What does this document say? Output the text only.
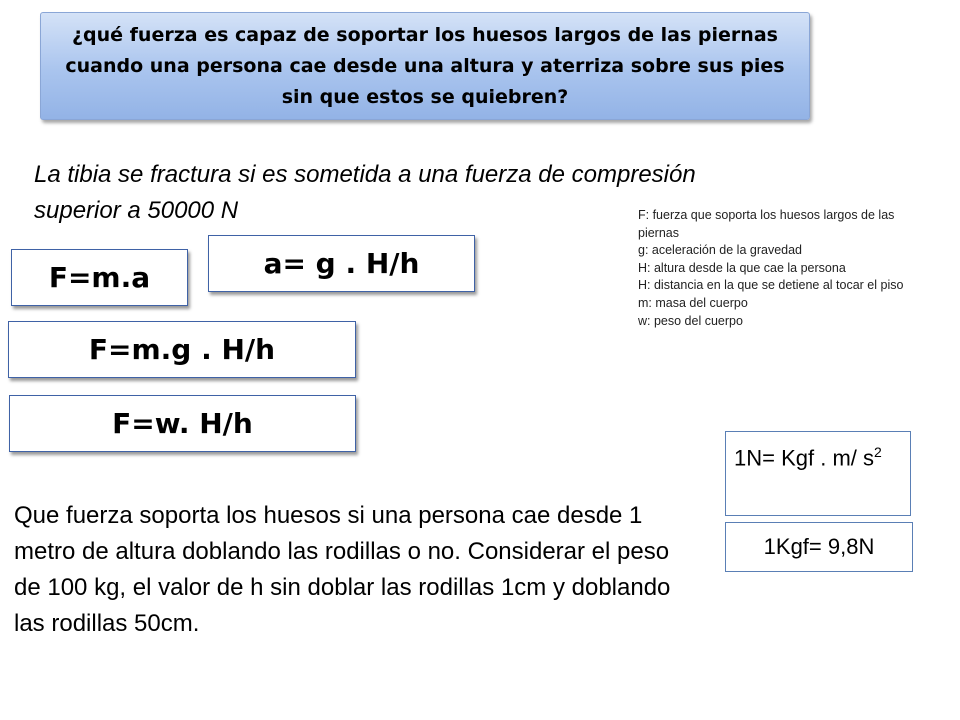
¿qué fuerza es capaz de soportar los huesos largos de las piernas cuando una persona cae desde una altura y aterriza sobre sus pies sin que estos se quiebren?
La tibia se fractura si es sometida a una fuerza de compresión superior a 50000 N
F=m.a	a= g . H/h
F=m.g . H/h
F=w. H/h
F: fuerza que soporta los huesos largos de las piernas
g: aceleración de la gravedad
H: altura desde la que cae la persona
H: distancia en la que se detiene al tocar el piso
m: masa del cuerpo
w: peso del cuerpo
1N= Kgf . m/ $s^2$
1Kgf= 9,8N
Que fuerza soporta los huesos si una persona cae desde 1 metro de altura doblando las rodillas o no. Considerar el peso de 100 kg, el valor de h sin doblar las rodillas 1cm y doblando las rodillas 50cm.
